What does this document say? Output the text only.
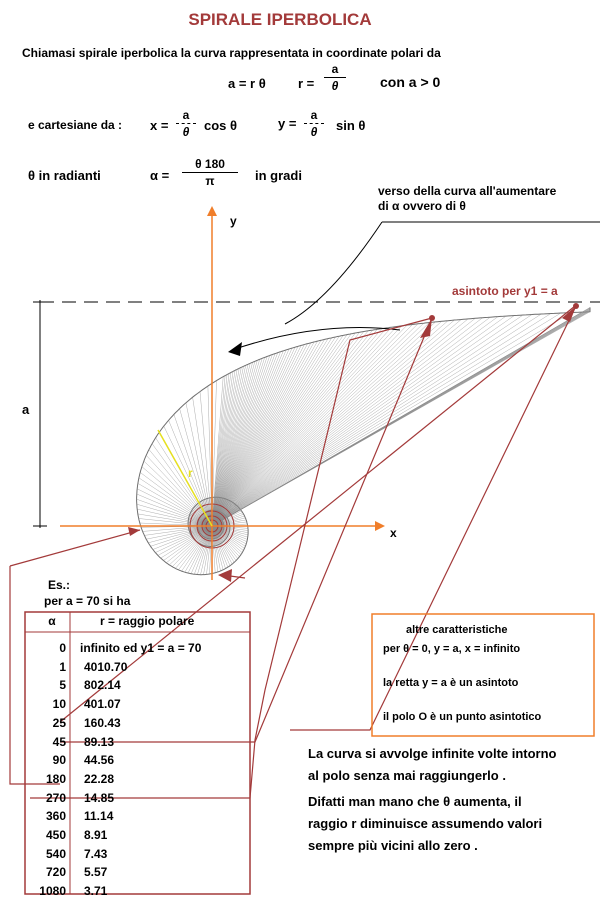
SPIRALE IPERBOLICA
Chiamasi spirale iperbolica la curva rappresentata in coordinate polari da
a = r θ r =
a
θ	con a > 0
e cartesiane da : x =
a
θ	cos θ	y =
a
θ	sin θ
θ in radianti	α =
θ 180
π	in gradi
verso della curva all'aumentare
di α ovvero di θ
asintoto per y1 = a
y
x
a
r
Es.:
per a = 70 si ha
α	r = raggio polare
0 infinito ed y1 = a = 70
1 4010.70
5 802.14
10 401.07
25 160.43
45 89.13
90 44.56
180 22.28
270 14.85
360 11.14
450 8.91
540 7.43
720 5.57
1080 3.71
altre caratteristiche
per θ = 0, y = a, x = infinito
la retta y = a è un asintoto
il polo O è un punto asintotico
La curva si avvolge infinite volte intorno
al polo senza mai raggiungerlo .
Difatti man mano che θ aumenta, il
raggio r diminuisce assumendo valori
sempre più vicini allo zero .
